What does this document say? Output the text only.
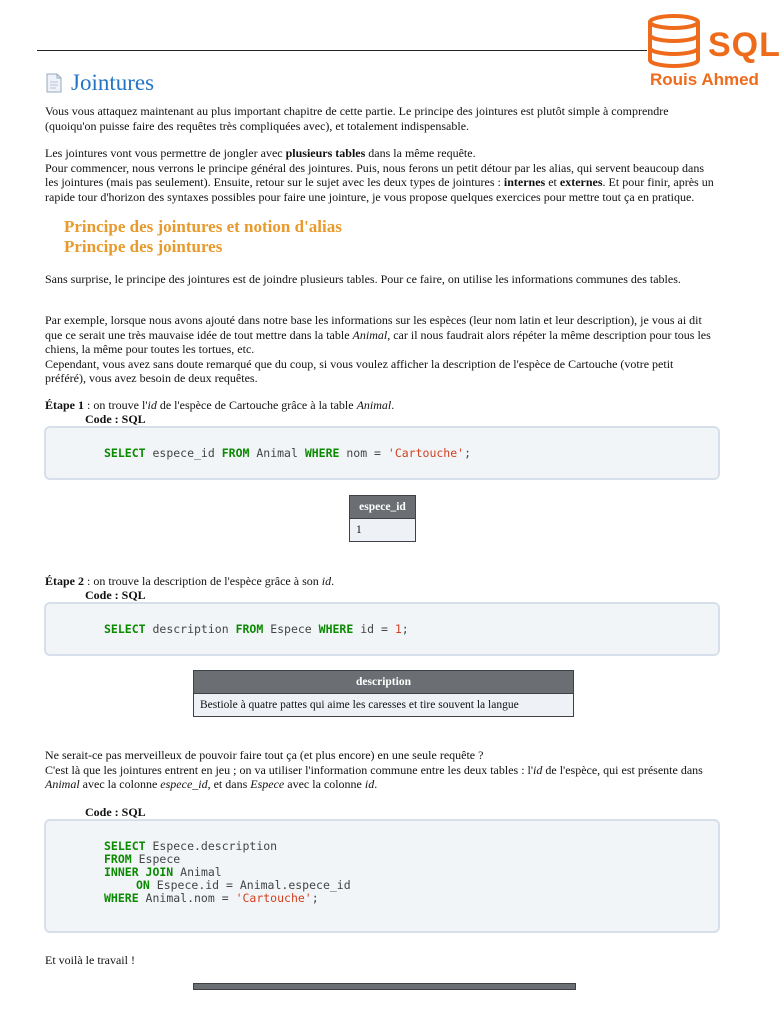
SQL
Rouis Ahmed
Jointures
Vous vous attaquez maintenant au plus important chapitre de cette partie. Le principe des jointures est plutôt simple à comprendre (quoiqu'on puisse faire des requêtes très compliquées avec), et totalement indispensable.
Les jointures vont vous permettre de jongler avec plusieurs tables dans la même requête.
Pour commencer, nous verrons le principe général des jointures. Puis, nous ferons un petit détour par les alias, qui servent beaucoup dans les jointures (mais pas seulement). Ensuite, retour sur le sujet avec les deux types de jointures : internes et externes. Et pour finir, après un rapide tour d'horizon des syntaxes possibles pour faire une jointure, je vous propose quelques exercices pour mettre tout ça en pratique.
Principe des jointures et notion d'alias
Principe des jointures
Sans surprise, le principe des jointures est de joindre plusieurs tables. Pour ce faire, on utilise les informations communes des tables.
Par exemple, lorsque nous avons ajouté dans notre base les informations sur les espèces (leur nom latin et leur description), je vous ai dit que ce serait une très mauvaise idée de tout mettre dans la table Animal, car il nous faudrait alors répéter la même description pour tous les chiens, la même pour toutes les tortues, etc.
Cependant, vous avez sans doute remarqué que du coup, si vous voulez afficher la description de l'espèce de Cartouche (votre petit préféré), vous avez besoin de deux requêtes.
Étape 1 : on trouve l'id de l'espèce de Cartouche grâce à la table Animal.
Code : SQL
SELECT espece_id FROM Animal WHERE nom = 'Cartouche';
espece_id
1
Étape 2 : on trouve la description de l'espèce grâce à son id.
Code : SQL
SELECT description FROM Espece WHERE id = 1;
description
Bestiole à quatre pattes qui aime les caresses et tire souvent la langue
Ne serait-ce pas merveilleux de pouvoir faire tout ça (et plus encore) en une seule requête ?
C'est là que les jointures entrent en jeu ; on va utiliser l'information commune entre les deux tables : l'id de l'espèce, qui est présente dans Animal avec la colonne espece_id, et dans Espece avec la colonne id.
Code : SQL
SELECT Espece.description
FROM Espece
INNER JOIN Animal
ON Espece.id = Animal.espece_id
WHERE Animal.nom = 'Cartouche';
Et voilà le travail !
